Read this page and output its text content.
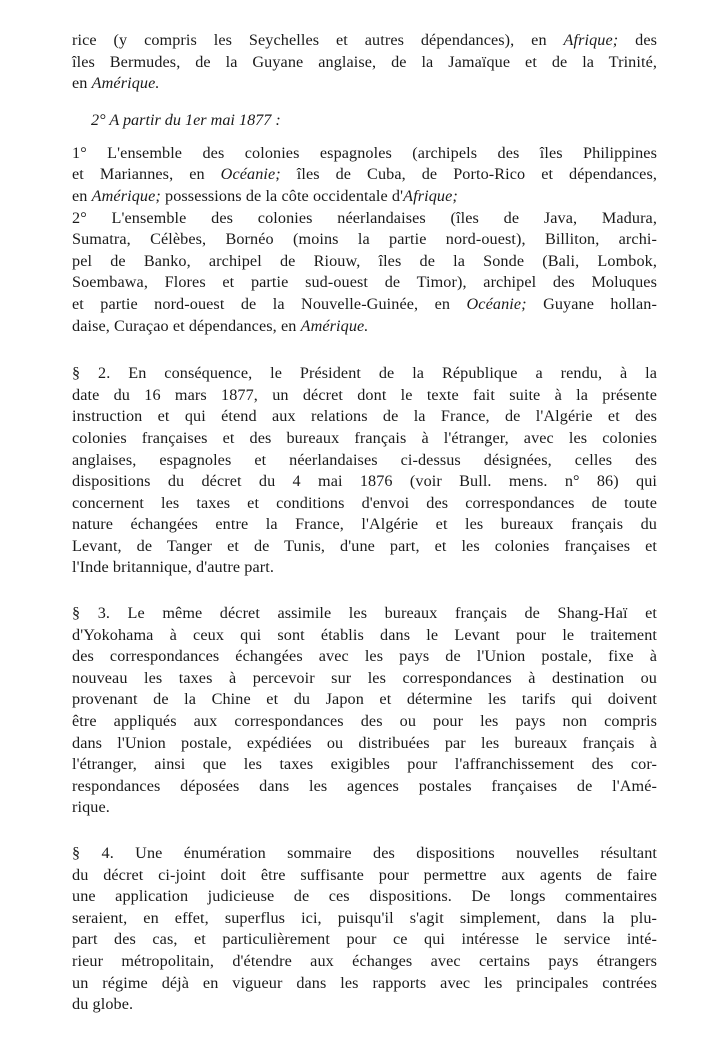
rice (y compris les Seychelles et autres dépendances), en Afrique; des
îles Bermudes, de la Guyane anglaise, de la Jamaïque et de la Trinité,
en Amérique.
2° A partir du 1er mai 1877 :
1° L'ensemble des colonies espagnoles (archipels des îles Philippines
et Mariannes, en Océanie; îles de Cuba, de Porto-Rico et dépendances,
en Amérique; possessions de la côte occidentale d'Afrique;
2° L'ensemble des colonies néerlandaises (îles de Java, Madura,
Sumatra, Célèbes, Bornéo (moins la partie nord-ouest), Billiton, archi-
pel de Banko, archipel de Riouw, îles de la Sonde (Bali, Lombok,
Soembawa, Flores et partie sud-ouest de Timor), archipel des Moluques
et partie nord-ouest de la Nouvelle-Guinée, en Océanie; Guyane hollan-
daise, Curaçao et dépendances, en Amérique.
§ 2. En conséquence, le Président de la République a rendu, à la
date du 16 mars 1877, un décret dont le texte fait suite à la présente
instruction et qui étend aux relations de la France, de l'Algérie et des
colonies françaises et des bureaux français à l'étranger, avec les colonies
anglaises, espagnoles et néerlandaises ci-dessus désignées, celles des
dispositions du décret du 4 mai 1876 (voir Bull. mens. n° 86) qui
concernent les taxes et conditions d'envoi des correspondances de toute
nature échangées entre la France, l'Algérie et les bureaux français du
Levant, de Tanger et de Tunis, d'une part, et les colonies françaises et
l'Inde britannique, d'autre part.
§ 3. Le même décret assimile les bureaux français de Shang-Haï et
d'Yokohama à ceux qui sont établis dans le Levant pour le traitement
des correspondances échangées avec les pays de l'Union postale, fixe à
nouveau les taxes à percevoir sur les correspondances à destination ou
provenant de la Chine et du Japon et détermine les tarifs qui doivent
être appliqués aux correspondances des ou pour les pays non compris
dans l'Union postale, expédiées ou distribuées par les bureaux français à
l'étranger, ainsi que les taxes exigibles pour l'affranchissement des cor-
respondances déposées dans les agences postales françaises de l'Amé-
rique.
§ 4. Une énumération sommaire des dispositions nouvelles résultant
du décret ci-joint doit être suffisante pour permettre aux agents de faire
une application judicieuse de ces dispositions. De longs commentaires
seraient, en effet, superflus ici, puisqu'il s'agit simplement, dans la plu-
part des cas, et particulièrement pour ce qui intéresse le service inté-
rieur métropolitain, d'étendre aux échanges avec certains pays étrangers
un régime déjà en vigueur dans les rapports avec les principales contrées
du globe.
